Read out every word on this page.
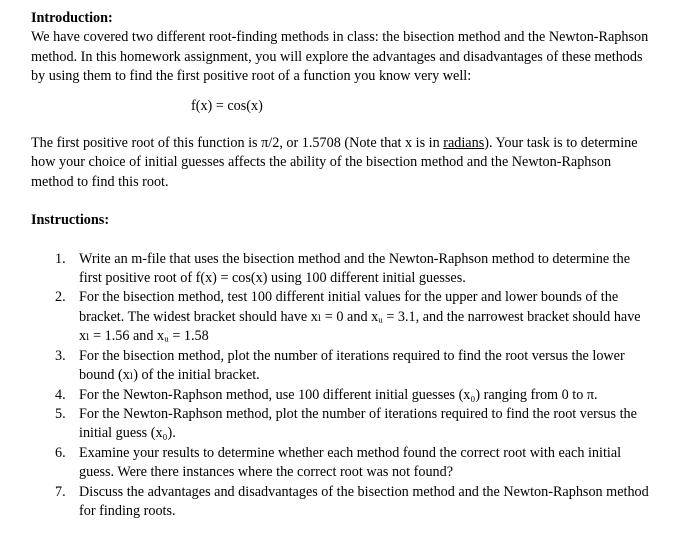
Introduction:

We have covered two different root-finding methods in class: the bisection method and the Newton-Raphson method. In this homework assignment, you will explore the advantages and disadvantages of these methods by using them to find the first positive root of a function you know very well:

f(x) = cos(x)

The first positive root of this function is π/2, or 1.5708 (Note that x is in radians). Your task is to determine how your choice of initial guesses affects the ability of the bisection method and the Newton-Raphson method to find this root.

Instructions:
1. Write an m-file that uses the bisection method and the Newton-Raphson method to determine the first positive root of f(x) = cos(x) using 100 different initial guesses.
2. For the bisection method, test 100 different initial values for the upper and lower bounds of the bracket. The widest bracket should have xₗ = 0 and xᵤ = 3.1, and the narrowest bracket should have xₗ = 1.56 and xᵤ = 1.58
3. For the bisection method, plot the number of iterations required to find the root versus the lower bound (xₗ) of the initial bracket.
4. For the Newton-Raphson method, use 100 different initial guesses (x₀) ranging from 0 to π.
5. For the Newton-Raphson method, plot the number of iterations required to find the root versus the initial guess (x₀).
6. Examine your results to determine whether each method found the correct root with each initial guess. Were there instances where the correct root was not found?
7. Discuss the advantages and disadvantages of the bisection method and the Newton-Raphson method for finding roots.
